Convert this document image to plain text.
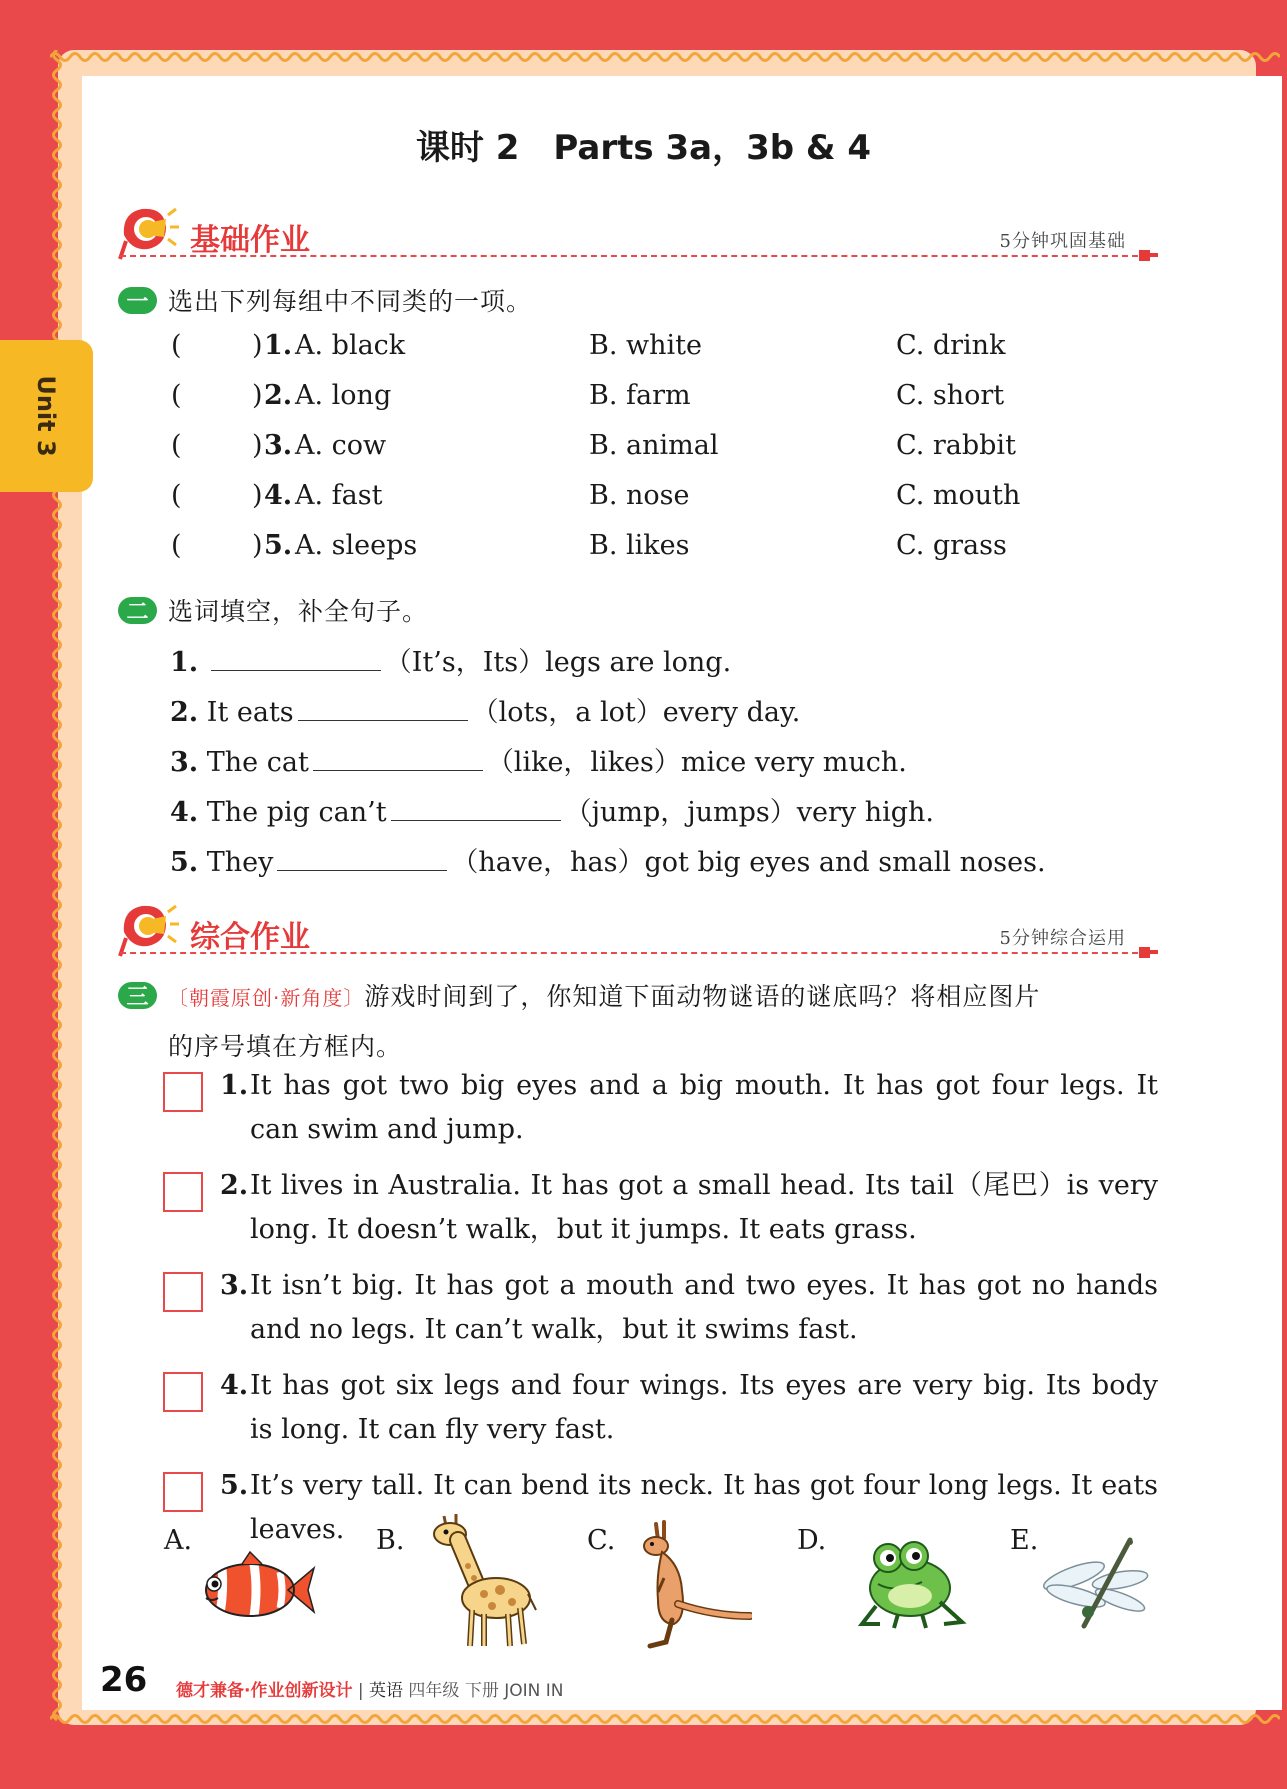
Unit 3
课时 2　Parts 3a，3b & 4
基础作业	5分钟巩固基础
一 选出下列每组中不同类的一项。
(	) 1. A. black	B. white	C. drink
(	) 2. A. long	B. farm	C. short
(	) 3. A. cow	B. animal	C. rabbit
(	) 4. A. fast	B. nose	C. mouth
(	) 5. A. sleeps	B. likes	C. grass
二 选词填空，补全句子。
1.	（It’s，Its）legs are long.
2. It eats	（lots，a lot）every day.
3. The cat	（like，likes）mice very much.
4. The pig can’t	（jump，jumps）very high.
5. They	（have，has）got big eyes and small noses.
综合作业	5分钟综合运用
三 〔朝霞原创·新角度〕游戏时间到了，你知道下面动物谜语的谜底吗？将相应图片
的序号填在方框内。
1. It has got two big eyes and a big mouth. It has got four legs. It can swim and jump.
2. It lives in Australia. It has got a small head. Its tail（尾巴）is very long. It doesn’t walk，but it jumps. It eats grass.
3. It isn’t big. It has got a mouth and two eyes. It has got no hands and no legs. It can’t walk，but it swims fast.
4. It has got six legs and four wings. Its eyes are very big. Its body is long. It can fly very fast.
5. It’s very tall. It can bend its neck. It has got four long legs. It eats leaves.
A.	B.	C.	D.	E.
26 德才兼备·作业创新设计 | 英语 四年级 下册 JOIN IN
